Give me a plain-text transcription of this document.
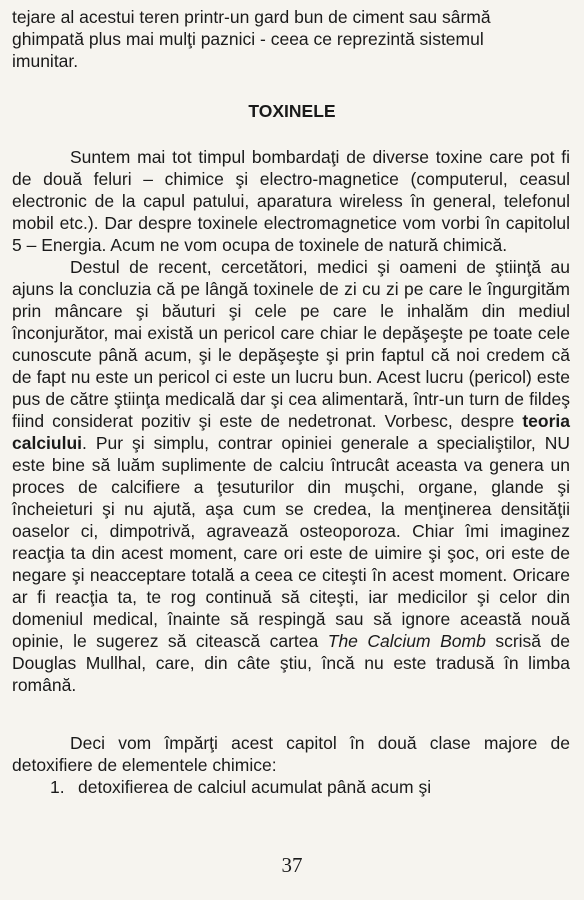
tejare al acestui teren printr-un gard bun de ciment sau sârmă
ghimpată plus mai mulţi paznici - ceea ce reprezintă sistemul
imunitar.
TOXINELE

Suntem mai tot timpul bombardaţi de diverse toxine care pot fi de două feluri – chimice şi electro-magnetice (computerul, ceasul electronic de la capul patului, aparatura wireless în general, telefonul mobil etc.). Dar despre toxinele electromagnetice vom vorbi în capitolul 5 – Energia. Acum ne vom ocupa de toxinele de natură chimică.

Destul de recent, cercetători, medici şi oameni de ştiinţă au ajuns la concluzia că pe lângă toxinele de zi cu zi pe care le îngurgităm prin mâncare şi băuturi şi cele pe care le inhalăm din mediul înconjurător, mai există un pericol care chiar le depăşeşte pe toate cele cunoscute până acum, şi le depăşeşte şi prin faptul că noi credem că de fapt nu este un pericol ci este un lucru bun. Acest lucru (pericol) este pus de către ştiinţa medicală dar şi cea alimentară, într-un turn de fildeş fiind considerat pozitiv şi este de nedetronat. Vorbesc, despre teoria calciului. Pur şi simplu, contrar opiniei generale a specialiştilor, NU este bine să luăm suplimente de calciu întrucât aceasta va genera un proces de calcifiere a ţesuturilor din muşchi, organe, glande şi încheieturi şi nu ajută, aşa cum se credea, la menţinerea densităţii oaselor ci, dimpotrivă, agravează osteoporoza. Chiar îmi imaginez reacţia ta din acest moment, care ori este de uimire şi şoc, ori este de negare şi neacceptare totală a ceea ce citeşti în acest moment. Oricare ar fi reacţia ta, te rog continuă să citeşti, iar medicilor şi celor din domeniul medical, înainte să respingă sau să ignore această nouă opinie, le sugerez să citească cartea The Calcium Bomb scrisă de Douglas Mullhal, care, din câte ştiu, încă nu este tradusă în limba română.

Deci vom împărţi acest capitol în două clase majore de detoxifiere de elementele chimice:

1. detoxifierea de calciul acumulat până acum şi
37
